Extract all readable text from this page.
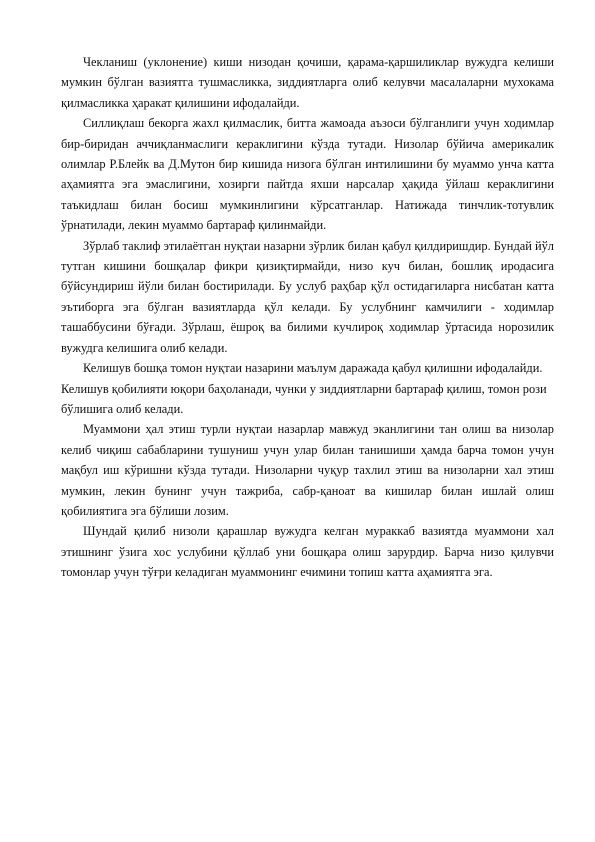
Чекланиш (уклонение) киши низодан қочиши, қарама-қаршиликлар вужудга келиши мумкин бўлган вазиятга тушмасликка, зиддиятларга олиб келувчи масалаларни мухокама қилмасликка ҳаракат қилишини ифодалайди.

Силлиқлаш бекорга жахл қилмаслик, битта жамоада аъзоси бўлганлиги учун ходимлар бир-биридан аччиқланмаслиги кераклигини кўзда тутади. Низолар бўйича америкалик олимлар Р.Блейк ва Д.Мутон бир кишида низога бўлган интилишини бу муаммо унча катта аҳамиятга эга эмаслигини, хозирги пайтда яхши нарсалар ҳақида ўйлаш кераклигини таъкидлаш билан босиш мумкинлигини кўрсатганлар. Натижада тинчлик-тотувлик ўрнатилади, лекин муаммо бартараф қилинмайди.

Зўрлаб таклиф этилаётган нуқтаи назарни зўрлик билан қабул қилдиришдир. Бундай йўл тутган кишини бошқалар фикри қизиқтирмайди, низо куч билан, бошлиқ иродасига бўйсундириш йўли билан бостирилади. Бу услуб раҳбар қўл остидагиларга нисбатан катта эътиборга эга бўлган вазиятларда қўл келади. Бу услубнинг камчилиги - ходимлар ташаббусини бўғади. Зўрлаш, ёшроқ ва билими кучлироқ ходимлар ўртасида норозилик вужудга келишига олиб келади.

Келишув бошқа томон нуқтаи назарини маълум даражада қабул қилишни ифодалайди. Келишув қобилияти юқори баҳоланади, чунки у зиддиятларни бартараф қилиш, томон рози бўлишига олиб келади.

Муаммони ҳал этиш турли нуқтаи назарлар мавжуд эканлигини тан олиш ва низолар келиб чиқиш сабабларини тушуниш учун улар билан танишиши ҳамда барча томон учун мақбул иш кўришни кўзда тутади. Низоларни чуқур тахлил этиш ва низоларни хал этиш мумкин, лекин бунинг учун тажриба, сабр-қаноат ва кишилар билан ишлай олиш қобилиятига эга бўлиши лозим.

Шундай қилиб низоли қарашлар вужудга келган мураккаб вазиятда муаммони хал этишнинг ўзига хос услубини қўллаб уни бошқара олиш зарурдир. Барча низо қилувчи томонлар учун тўғри келадиган муаммонинг ечимини топиш катта аҳамиятга эга.
